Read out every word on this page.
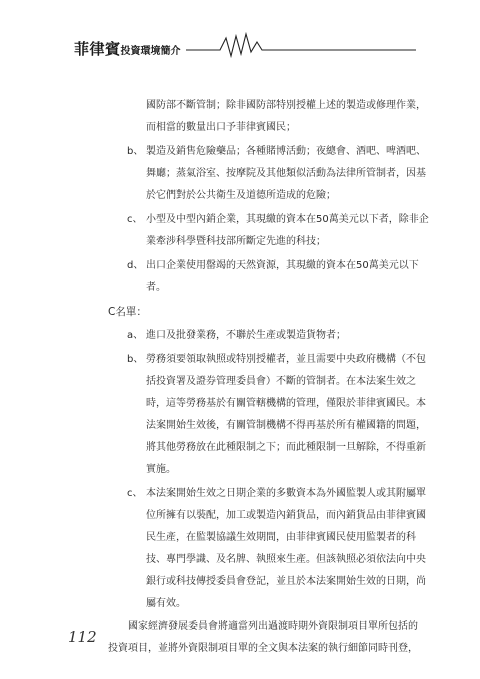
菲律賓投資環境簡介
國防部不斷管制；除非國防部特別授權上述的製造或修理作業，
而相當的數量出口予菲律賓國民；
b、 製造及銷售危險藥品；各種賭博活動；夜總會、酒吧、啤酒吧、
舞廳；蒸氣浴室、按摩院及其他類似活動為法律所管制者，因基
於它們對於公共衛生及道德所造成的危險；
c、 小型及中型內銷企業，其現繳的資本在50萬美元以下者，除非企
業牽涉科學暨科技部所斷定先進的科技；
d、 出口企業使用罄竭的天然資源，其現繳的資本在50萬美元以下
者。
C名單：
a、 進口及批發業務，不聯於生產或製造貨物者；
b、 勞務須要領取執照或特別授權者，並且需要中央政府機構（不包
括投資署及證券管理委員會）不斷的管制者。在本法案生效之
時，這等勞務基於有關管轄機構的管理，僅限於菲律賓國民。本
法案開始生效後，有關管制機構不得再基於所有權國籍的問題，
將其他勞務放在此種限制之下；而此種限制一旦解除，不得重新
實施。
c、 本法案開始生效之日期企業的多數資本為外國監製人或其附屬單
位所擁有以裝配，加工或製造內銷貨品，而內銷貨品由菲律賓國
民生產，在監製協議生效期間，由菲律賓國民使用監製者的科
技、專門學識、及名牌、執照來生產。但該執照必須依法向中央
銀行或科技傳授委員會登記，並且於本法案開始生效的日期，尚
屬有效。
國家經濟發展委員會將適當列出過渡時期外資限制項目單所包括的
投資項目，並將外資限制項目單的全文與本法案的執行細節同時刊登，
112
